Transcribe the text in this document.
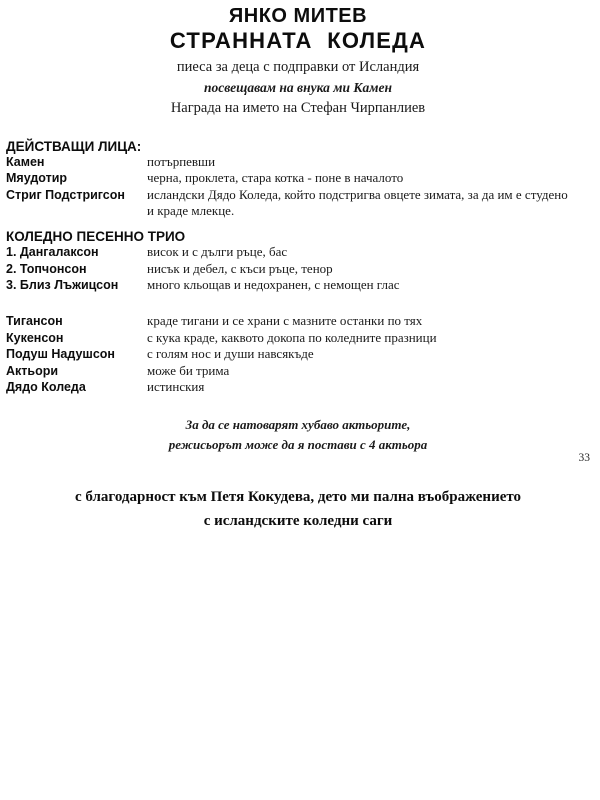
ЯНКО МИТЕВ
СТРАННАТА  КОЛЕДА
пиеса за деца с подправки от Исландия
посвещавам на внука ми Камен
Награда на името на Стефан Чирпанлиев
ДЕЙСТВАЩИ ЛИЦА:
Камен	потърпевши
Мяудотир	черна, проклета, стара котка - поне в началото
Стриг Подстригсон	исландски Дядо Коледа, който подстригва овцете зимата, за да им е студено
и краде млекце.
КОЛЕДНО ПЕСЕННО ТРИО
1. Дангалаксон	висок и с дълги ръце, бас
2. Топчонсон	нисък и дебел, с къси ръце, тенор
3. Близ Лъжицсон	много кльощав и недохранен, с немощен глас
Тигансон	краде тигани и се храни с мазните останки по тях
Кукенсон	с кука краде, каквото докопа по коледните празници
Подуш Надушсон	с голям нос и души навсякъде
Актьори	може би трима
Дядо Коледа	истинския
За да се натоварят хубаво актьорите,
режисьорът може да я постави с 4 актьора
с благодарност към Петя Кокудева, дето ми пална въображението
с исландските коледни саги
33
